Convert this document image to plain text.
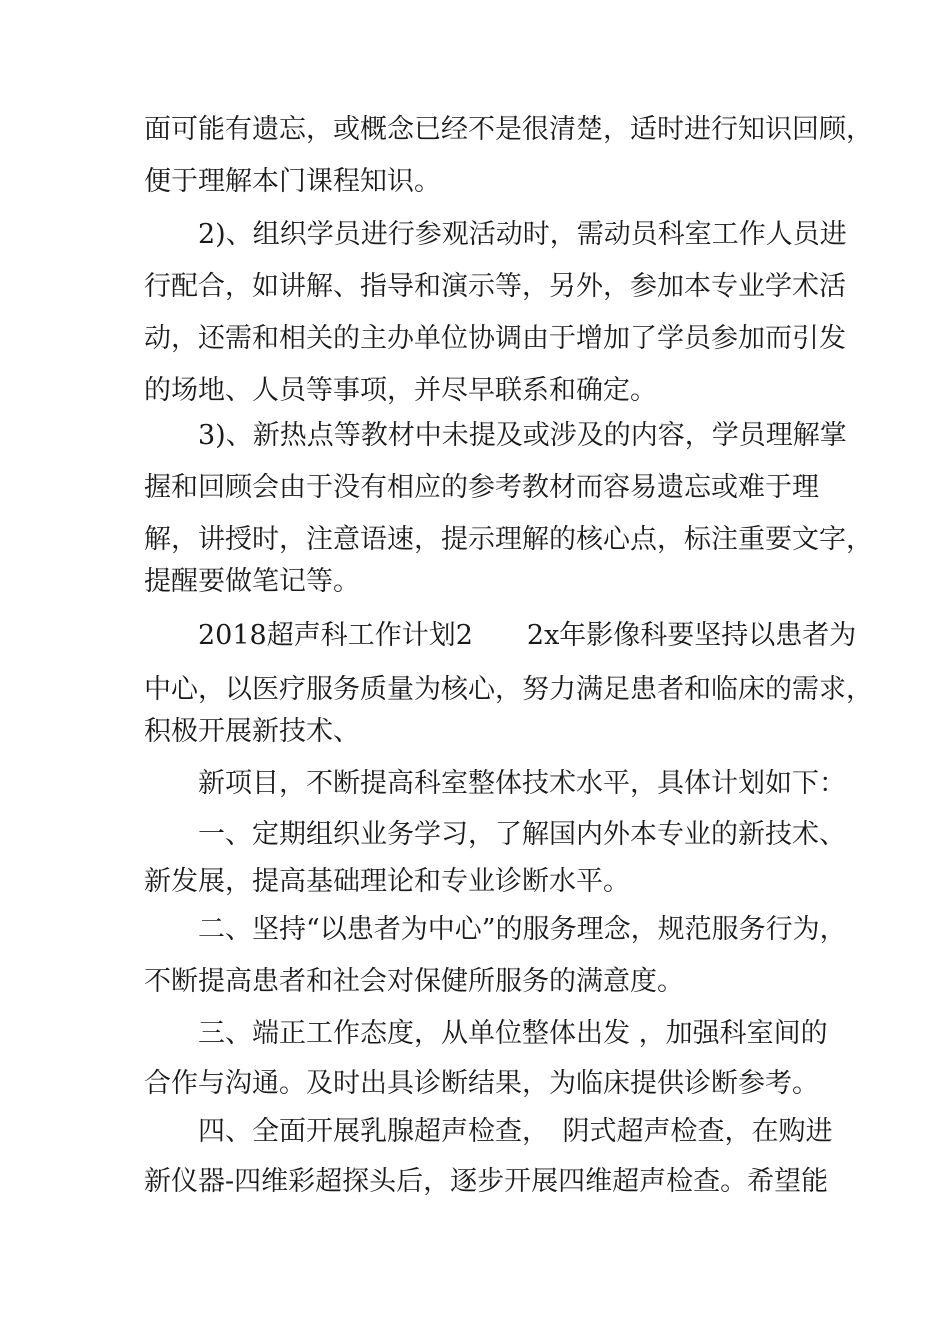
面可能有遗忘，或概念已经不是很清楚，适时进行知识回顾，
便于理解本门课程知识。
2)、组织学员进行参观活动时，需动员科室工作人员进
行配合，如讲解、指导和演示等，另外，参加本专业学术活
动，还需和相关的主办单位协调由于增加了学员参加而引发
的场地、人员等事项，并尽早联系和确定。
3)、新热点等教材中未提及或涉及的内容，学员理解掌
握和回顾会由于没有相应的参考教材而容易遗忘或难于理
解，讲授时，注意语速，提示理解的核心点，标注重要文字，
提醒要做笔记等。
2018超声科工作计划2　　2x年影像科要坚持以患者为
中心，以医疗服务质量为核心，努力满足患者和临床的需求，
积极开展新技术、
新项目，不断提高科室整体技术水平，具体计划如下：
一、定期组织业务学习，了解国内外本专业的新技术、
新发展，提高基础理论和专业诊断水平。
二、坚持“以患者为中心”的服务理念，规范服务行为，
不断提高患者和社会对保健所服务的满意度。
三、端正工作态度，从单位整体出发 ，加强科室间的
合作与沟通。及时出具诊断结果，为临床提供诊断参考。
四、全面开展乳腺超声检查，　阴式超声检查，在购进
新仪器-四维彩超探头后，逐步开展四维超声检查。希望能
